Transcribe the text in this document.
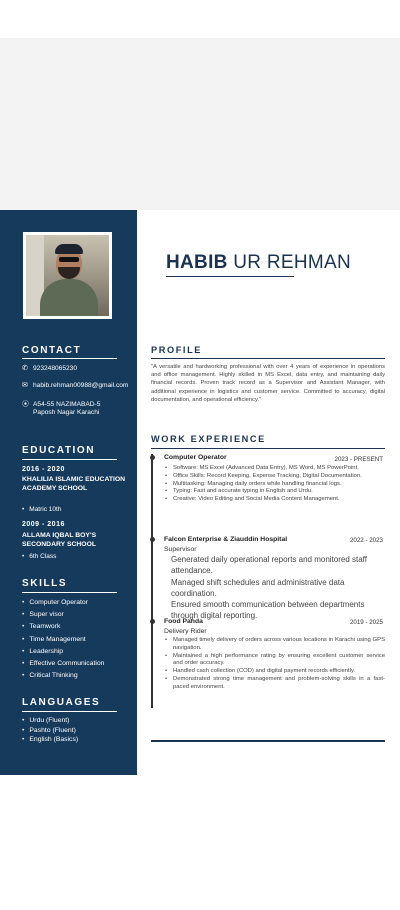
CONTACT
✆ 923248065230
✉ habib.rehman00988@gmail.com
⦿ A54-55 NAZIMABAD-5
Paposh Nagar Karachi
EDUCATION
2016 - 2020
KHALILIA ISLAMIC EDUCATION ACADEMY SCHOOL
• Matric 10th
2009 - 2016
ALLAMA IQBAL BOY'S SECONDARY SCHOOL
• 6th Class
SKILLS
• Computer Operator
• Super visor
• Teamwork
• Time Management
• Leadership
• Effective Communication
• Critical Thinking
LANGUAGES
• Urdu (Fluent)
• Pashto (Fluent)
• English (Basics)
HABIB UR REHMAN
PROFILE
"A versatile and hardworking professional with over 4 years of experience in operations and office management. Highly skilled in MS Excel, data entry, and maintaining daily financial records. Proven track record as a Supervisor and Assistant Manager, with additional experience in logistics and customer service. Committed to accuracy, digital documentation, and operational efficiency."
WORK EXPERIENCE
Computer Operator	2023 - PRESENT
• Software: MS Excel (Advanced Data Entry), MS Word, MS PowerPoint.
• Office Skills: Record Keeping, Expense Tracking, Digital Documentation.
• Multitasking: Managing daily orders while handling financial logs.
• Typing: Fast and accurate typing in English and Urdu.
• Creative: Video Editing and Social Media Content Management.
Falcon Enterprise & Ziauddin Hospital	2022 - 2023
Supervisor

Generated daily operational reports and monitored staff attendance.

Managed shift schedules and administrative data coordination.

Ensured smooth communication between departments through digital reporting.

Food Panda	2019 - 2025
Delivery Rider
• Managed timely delivery of orders across various locations in Karachi using GPS navigation.
• Maintained a high performance rating by ensuring excellent customer service and order accuracy.
• Handled cash collection (COD) and digital payment records efficiently.
• Demonstrated strong time management and problem-solving skills in a fast-paced environment.
